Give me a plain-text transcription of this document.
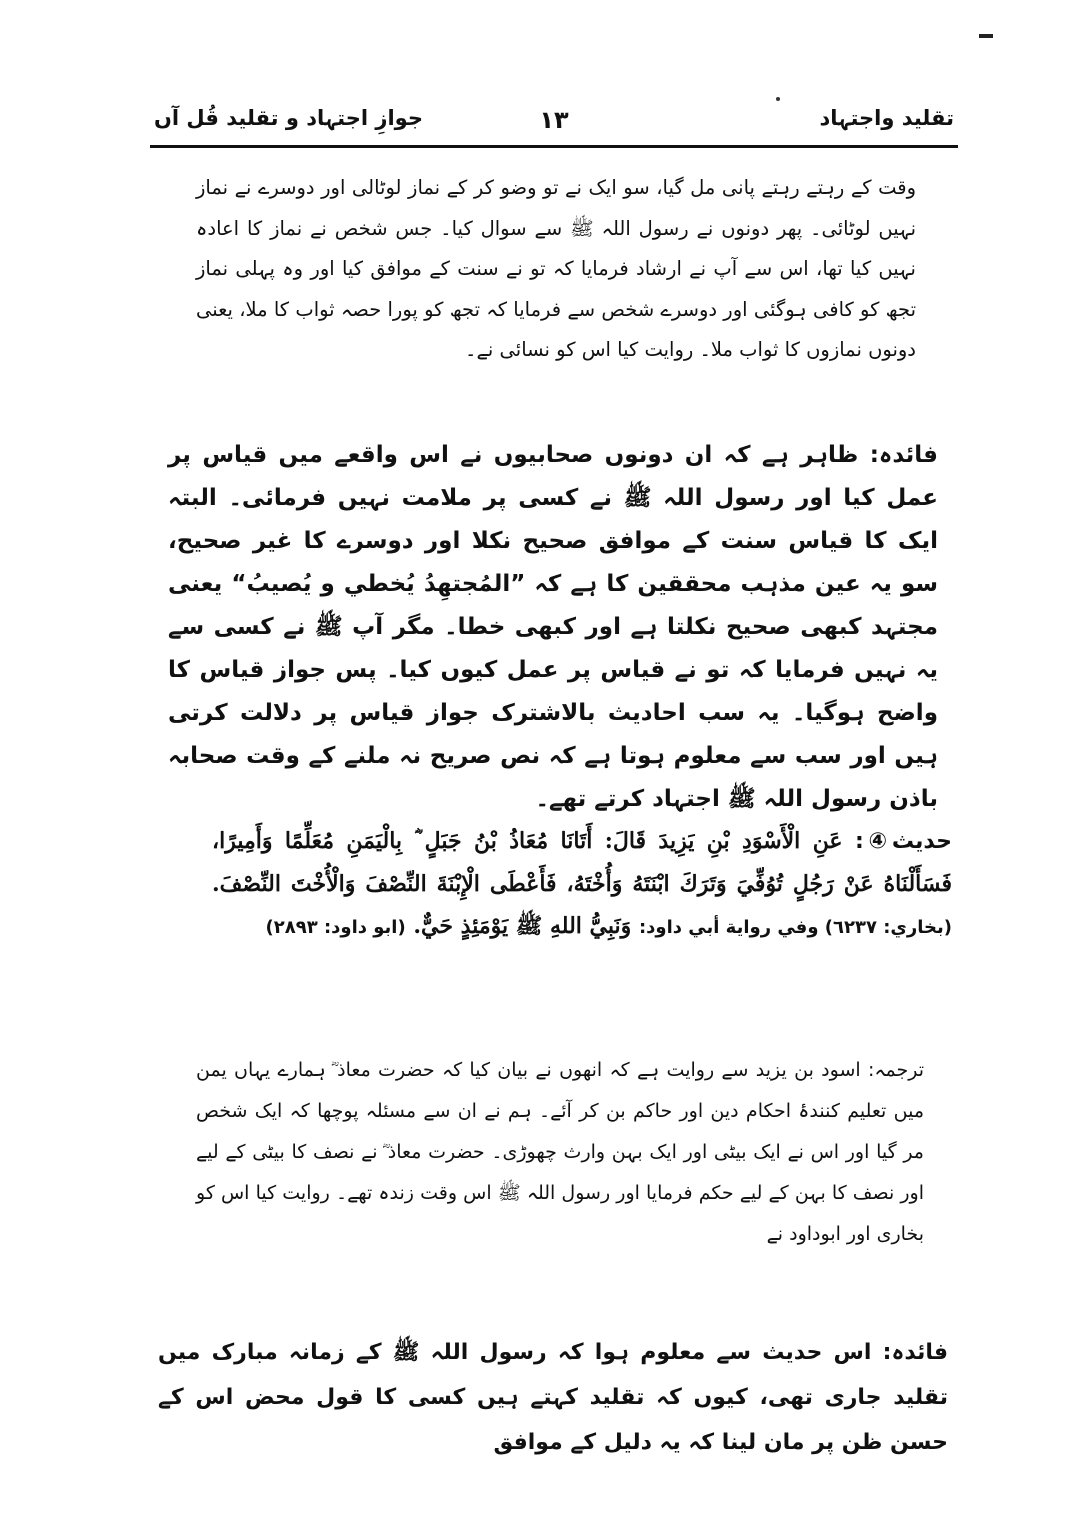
تقلید واجتہاد
۱۳
جوازِ اجتہاد و تقلید قُل آں
وقت کے رہتے رہتے پانی مل گیا، سو ایک نے تو وضو کر کے نماز لوٹالی اور دوسرے نے نماز نہیں لوٹائی۔ پھر دونوں نے رسول اللہ ﷺ سے سوال کیا۔ جس شخص نے نماز کا اعادہ نہیں کیا تھا، اس سے آپ نے ارشاد فرمایا کہ تو نے سنت کے موافق کیا اور وہ پہلی نماز تجھ کو کافی ہوگئی اور دوسرے شخص سے فرمایا کہ تجھ کو پورا حصہ ثواب کا ملا، یعنی دونوں نمازوں کا ثواب ملا۔ روایت کیا اس کو نسائی نے۔
فائدہ: ظاہر ہے کہ ان دونوں صحابیوں نے اس واقعے میں قیاس پر عمل کیا اور رسول اللہ ﷺ نے کسی پر ملامت نہیں فرمائی۔ البتہ ایک کا قیاس سنت کے موافق صحیح نکلا اور دوسرے کا غیر صحیح، سو یہ عین مذہب محققین کا ہے کہ ”المُجتهِدُ يُخطي و يُصيبُ“ یعنی مجتہد کبھی صحیح نکلتا ہے اور کبھی خطا۔ مگر آپ ﷺ نے کسی سے یہ نہیں فرمایا کہ تو نے قیاس پر عمل کیوں کیا۔ پس جواز قیاس کا واضح ہوگیا۔ یہ سب احادیث بالاشترک جواز قیاس پر دلالت کرتی ہیں اور سب سے معلوم ہوتا ہے کہ نص صریح نہ ملنے کے وقت صحابہ باذن رسول اللہ ﷺ اجتہاد کرتے تھے۔
حدیث④: عَنِ الْأَسْوَدِ بْنِ يَزِيدَ قَالَ: أَتَانَا مُعَاذُ بْنُ جَبَلٍ ؓ بِالْيَمَنِ مُعَلِّمًا وَأَمِيرًا، فَسَأَلْنَاهُ عَنْ رَجُلٍ تُوُفِّيَ وَتَرَكَ ابْنَتَهُ وَأُخْتَهُ، فَأَعْطَى الْإِبْنَةَ النِّصْفَ وَالْأُخْتَ النِّصْفَ. (بخاري: ٦٢٣٧) وفي رواية أبي داود: وَنَبِيُّ اللهِ ﷺ يَوْمَئِذٍ حَيٌّ. (ابو داود: ٢٨٩٣)
ترجمہ: اسود بن یزید سے روایت ہے کہ انھوں نے بیان کیا کہ حضرت معاذ ؓ ہمارے یہاں یمن میں تعلیم کنندۂ احکام دین اور حاکم بن کر آئے۔ ہم نے ان سے مسئلہ پوچھا کہ ایک شخص مر گیا اور اس نے ایک بیٹی اور ایک بہن وارث چھوڑی۔ حضرت معاذ ؓ نے نصف کا بیٹی کے لیے اور نصف کا بہن کے لیے حکم فرمایا اور رسول اللہ ﷺ اس وقت زندہ تھے۔ روایت کیا اس کو بخاری اور ابوداود نے
فائدہ: اس حدیث سے معلوم ہوا کہ رسول اللہ ﷺ کے زمانہ مبارک میں تقلید جاری تھی، کیوں کہ تقلید کہتے ہیں کسی کا قول محض اس کے حسن ظن پر مان لینا کہ یہ دلیل کے موافق
